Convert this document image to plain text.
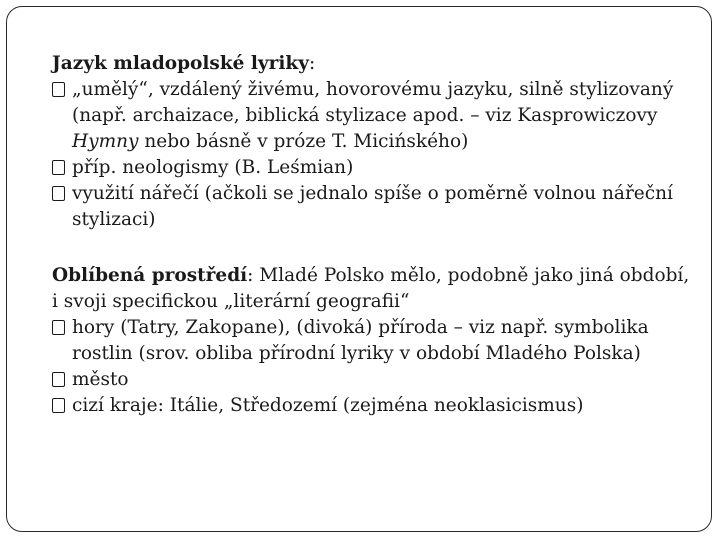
Jazyk mladopolské lyriky:

„umělý“, vzdálený živému, hovorovému jazyku, silně stylizovaný (např. archaizace, biblická stylizace apod. – viz Kasprowiczovy Hymny nebo básně v próze T. Micińského)

příp. neologismy (B. Leśmian)

využití nářečí (ačkoli se jednalo spíše o poměrně volnou nářeční stylizaci)

Oblíbená prostředí: Mladé Polsko mělo, podobně jako jiná období, i svoji specifickou „literární geografii“

hory (Tatry, Zakopane), (divoká) příroda – viz např. symbolika rostlin (srov. obliba přírodní lyriky v období Mladého Polska)

město

cizí kraje: Itálie, Středozemí (zejména neoklasicismus)
